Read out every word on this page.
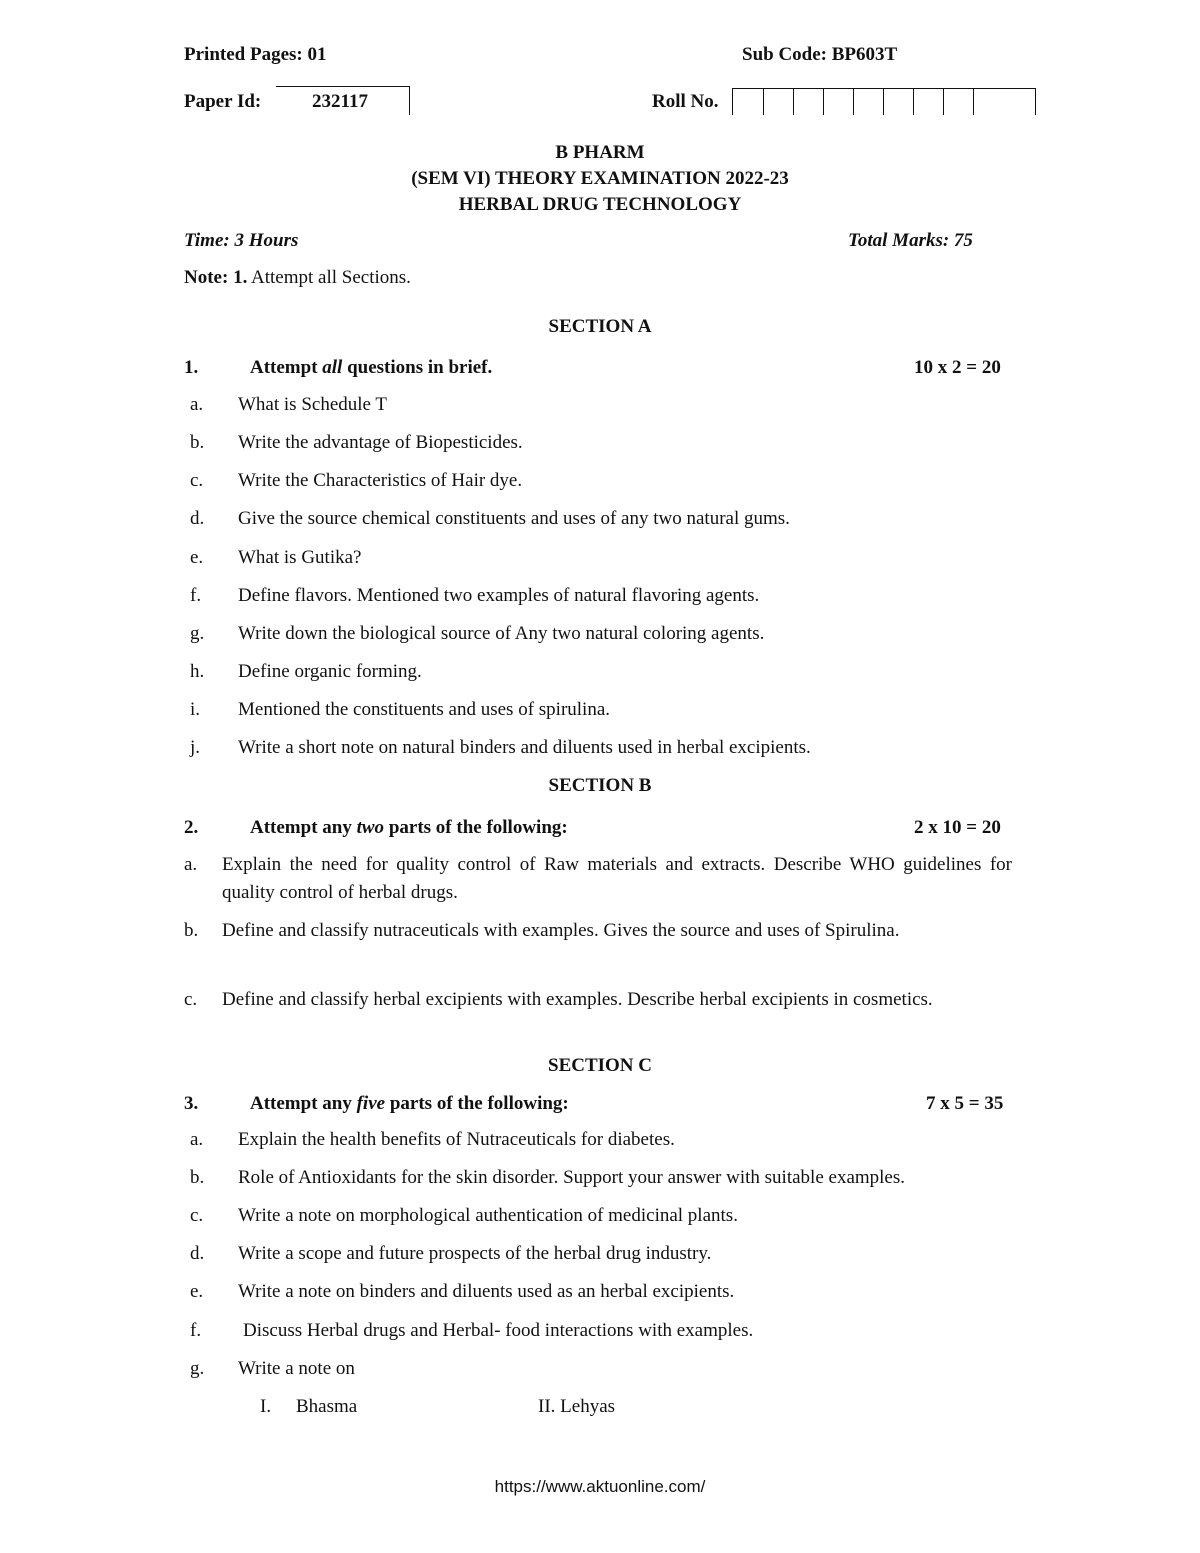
Printed Pages: 01	Sub Code: BP603T
Paper Id:	232117	Roll No.
B PHARM
(SEM VI) THEORY EXAMINATION 2022-23
HERBAL DRUG TECHNOLOGY
Time: 3 Hours	Total Marks: 75
Note: 1. Attempt all Sections.
SECTION A
1.	Attempt all questions in brief.	10 x 2 = 20
a. What is Schedule T
b. Write the advantage of Biopesticides.
c. Write the Characteristics of Hair dye.
d. Give the source chemical constituents and uses of any two natural gums.
e. What is Gutika?
f. Define flavors. Mentioned two examples of natural flavoring agents.
g. Write down the biological source of Any two natural coloring agents.
h. Define organic forming.
i. Mentioned the constituents and uses of spirulina.
j. Write a short note on natural binders and diluents used in herbal excipients.
SECTION B
2.	Attempt any two parts of the following:	2 x 10 = 20
a. Explain the need for quality control of Raw materials and extracts. Describe WHO guidelines for quality control of herbal drugs.
b. Define and classify nutraceuticals with examples. Gives the source and uses of Spirulina.
c. Define and classify herbal excipients with examples. Describe herbal excipients in cosmetics.
SECTION C
3.	Attempt any five parts of the following:	7 x 5 = 35
a. Explain the health benefits of Nutraceuticals for diabetes.
b. Role of Antioxidants for the skin disorder. Support your answer with suitable examples.
c. Write a note on morphological authentication of medicinal plants.
d. Write a scope and future prospects of the herbal drug industry.
e. Write a note on binders and diluents used as an herbal excipients.
f. Discuss Herbal drugs and Herbal- food interactions with examples.
g. Write a note on
I. Bhasma	II. Lehyas
https://www.aktuonline.com/
